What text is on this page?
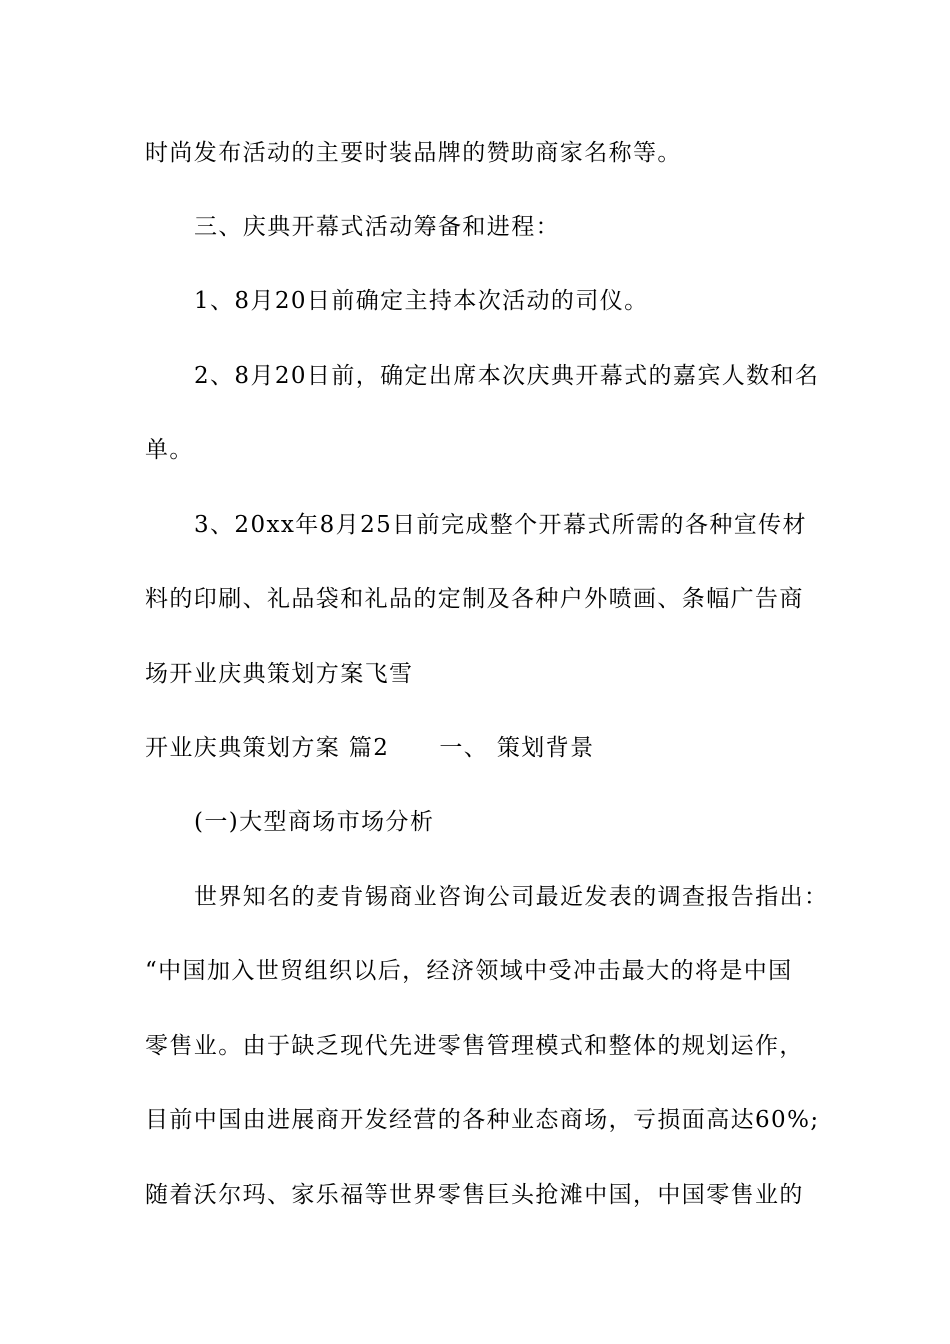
时尚发布活动的主要时装品牌的赞助商家名称等。
三、庆典开幕式活动筹备和进程：
1、8月20日前确定主持本次活动的司仪。
2、8月20日前，确定出席本次庆典开幕式的嘉宾人数和名
单。
3、20xx年8月25日前完成整个开幕式所需的各种宣传材
料的印刷、礼品袋和礼品的定制及各种户外喷画、条幅广告商
场开业庆典策划方案飞雪
开业庆典策划方案 篇2 一、 策划背景
(一)大型商场市场分析
世界知名的麦肯锡商业咨询公司最近发表的调查报告指出：
“中国加入世贸组织以后，经济领域中受冲击最大的将是中国
零售业。由于缺乏现代先进零售管理模式和整体的规划运作，
目前中国由进展商开发经营的各种业态商场，亏损面高达60%;
随着沃尔玛、家乐福等世界零售巨头抢滩中国，中国零售业的
